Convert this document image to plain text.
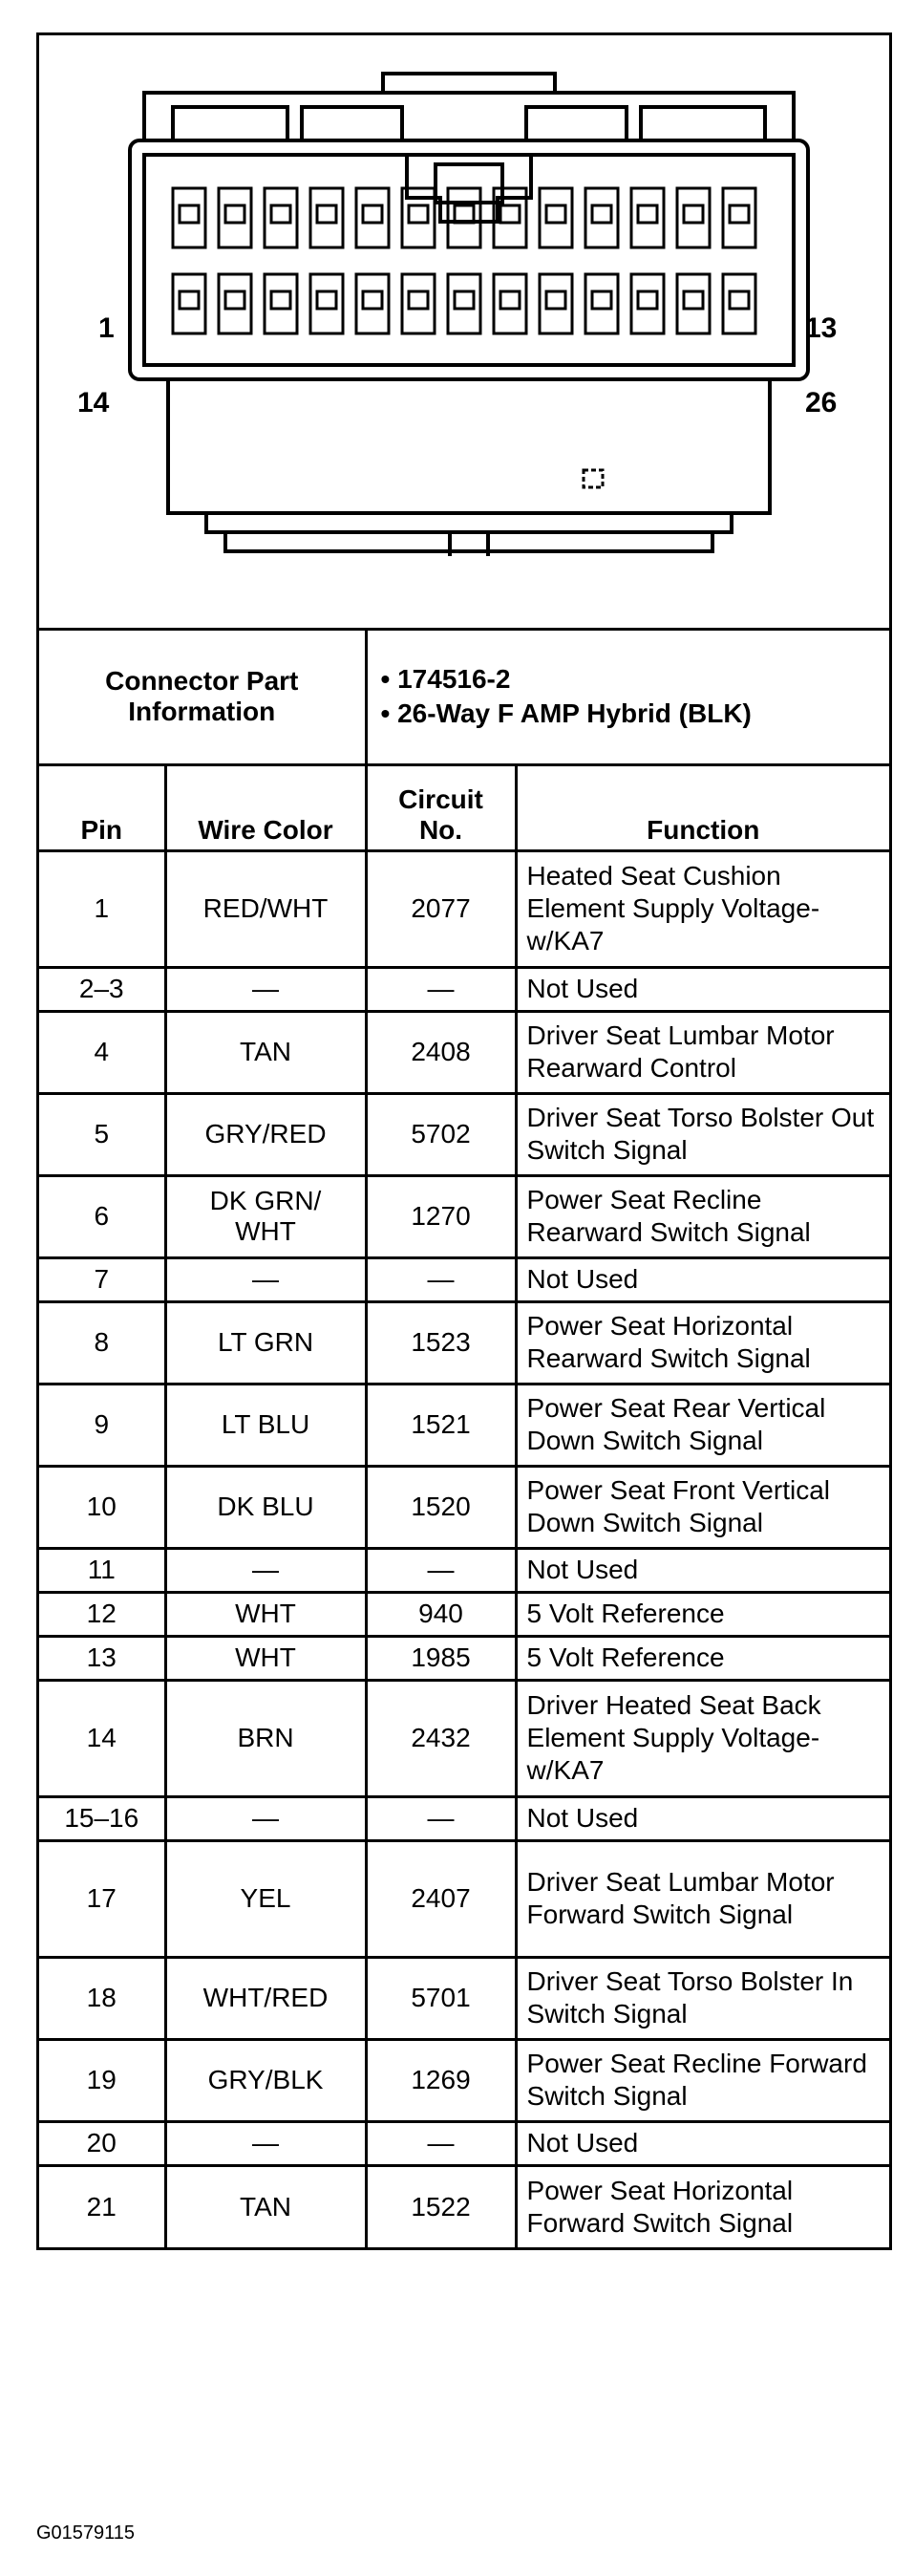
1	13
14	26
Connector Part Information		• 174516-2
• 26-Way F AMP Hybrid (BLK)	

Pin	Wire Color	Circuit No.	Function
1	RED/WHT	2077	Heated Seat Cushion Element Supply Voltage-w/KA7
2–3	—	—	Not Used
4	TAN	2408	Driver Seat Lumbar Motor Rearward Control
5	GRY/RED	5702	Driver Seat Torso Bolster Out Switch Signal
6	DK GRN/ WHT	1270	Power Seat Recline Rearward Switch Signal
7	—	—	Not Used
8	LT GRN	1523	Power Seat Horizontal Rearward Switch Signal
9	LT BLU	1521	Power Seat Rear Vertical Down Switch Signal
10	DK BLU	1520	Power Seat Front Vertical Down Switch Signal
11	—	—	Not Used
12	WHT	940	5 Volt Reference
13	WHT	1985	5 Volt Reference
14	BRN	2432	Driver Heated Seat Back Element Supply Voltage-w/KA7
15–16	—	—	Not Used
17	YEL	2407	Driver Seat Lumbar Motor Forward Switch Signal
18	WHT/RED	5701	Driver Seat Torso Bolster In Switch Signal
19	GRY/BLK	1269	Power Seat Recline Forward Switch Signal
20	—	—	Not Used
21	TAN	1522	Power Seat Horizontal Forward Switch Signal
G01579115
